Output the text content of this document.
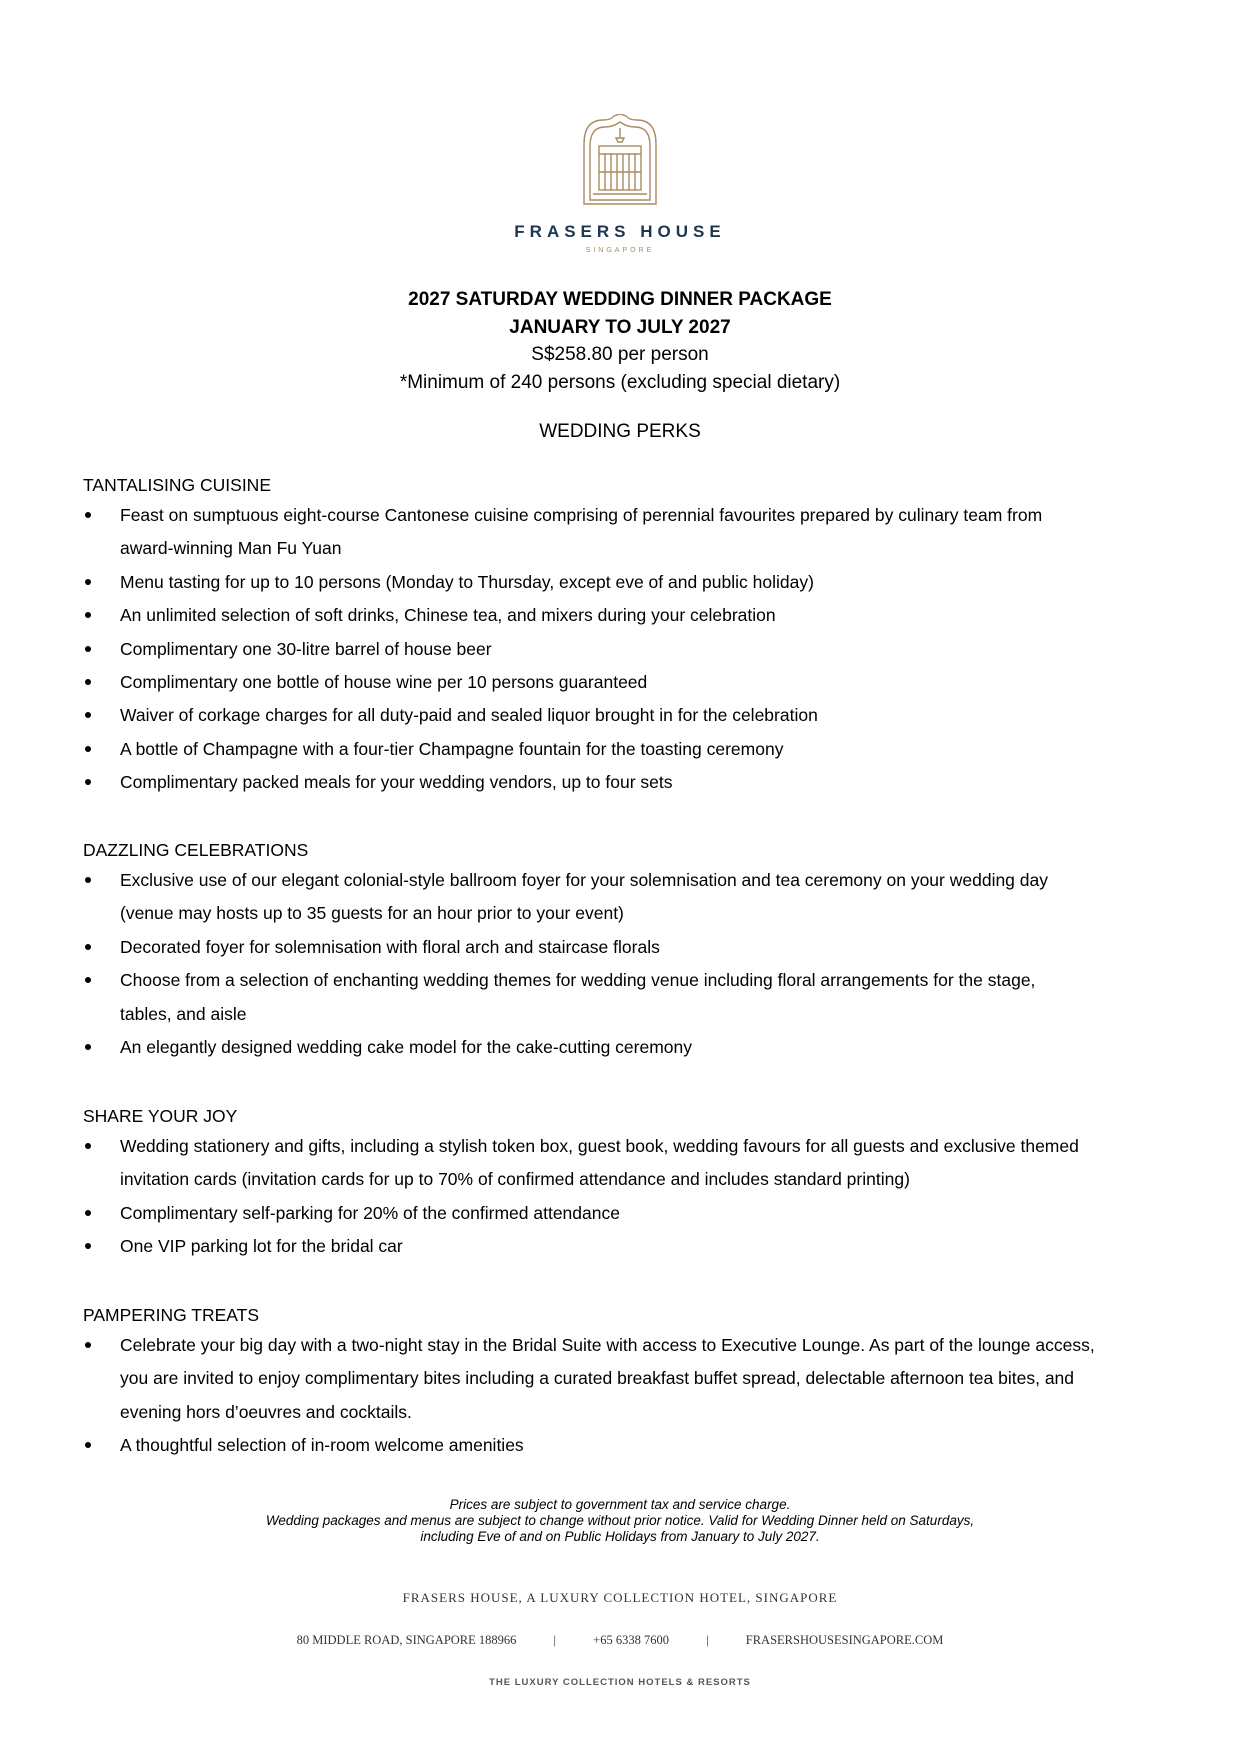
FRASERS HOUSE
SINGAPORE
2027 SATURDAY WEDDING DINNER PACKAGE
JANUARY TO JULY 2027
S$258.80 per person
*Minimum of 240 persons (excluding special dietary)
WEDDING PERKS
TANTALISING CUISINE
Feast on sumptuous eight-course Cantonese cuisine comprising of perennial favourites prepared by culinary team from
award-winning Man Fu Yuan
Menu tasting for up to 10 persons (Monday to Thursday, except eve of and public holiday)
An unlimited selection of soft drinks, Chinese tea, and mixers during your celebration
Complimentary one 30-litre barrel of house beer
Complimentary one bottle of house wine per 10 persons guaranteed
Waiver of corkage charges for all duty-paid and sealed liquor brought in for the celebration
A bottle of Champagne with a four-tier Champagne fountain for the toasting ceremony
Complimentary packed meals for your wedding vendors, up to four sets
DAZZLING CELEBRATIONS
Exclusive use of our elegant colonial-style ballroom foyer for your solemnisation and tea ceremony on your wedding day
(venue may hosts up to 35 guests for an hour prior to your event)
Decorated foyer for solemnisation with floral arch and staircase florals
Choose from a selection of enchanting wedding themes for wedding venue including floral arrangements for the stage,
tables, and aisle
An elegantly designed wedding cake model for the cake-cutting ceremony
SHARE YOUR JOY
Wedding stationery and gifts, including a stylish token box, guest book, wedding favours for all guests and exclusive themed
invitation cards (invitation cards for up to 70% of confirmed attendance and includes standard printing)
Complimentary self-parking for 20% of the confirmed attendance
One VIP parking lot for the bridal car
PAMPERING TREATS
Celebrate your big day with a two-night stay in the Bridal Suite with access to Executive Lounge. As part of the lounge access,
you are invited to enjoy complimentary bites including a curated breakfast buffet spread, delectable afternoon tea bites, and
evening hors d’oeuvres and cocktails.
A thoughtful selection of in-room welcome amenities
Prices are subject to government tax and service charge.
Wedding packages and menus are subject to change without prior notice. Valid for Wedding Dinner held on Saturdays,
including Eve of and on Public Holidays from January to July 2027.
FRASERS HOUSE, A LUXURY COLLECTION HOTEL, SINGAPORE
80 MIDDLE ROAD, SINGAPORE 188966	|	+65 6338 7600	|	FRASERSHOUSESINGAPORE.COM
THE LUXURY COLLECTION HOTELS & RESORTS
